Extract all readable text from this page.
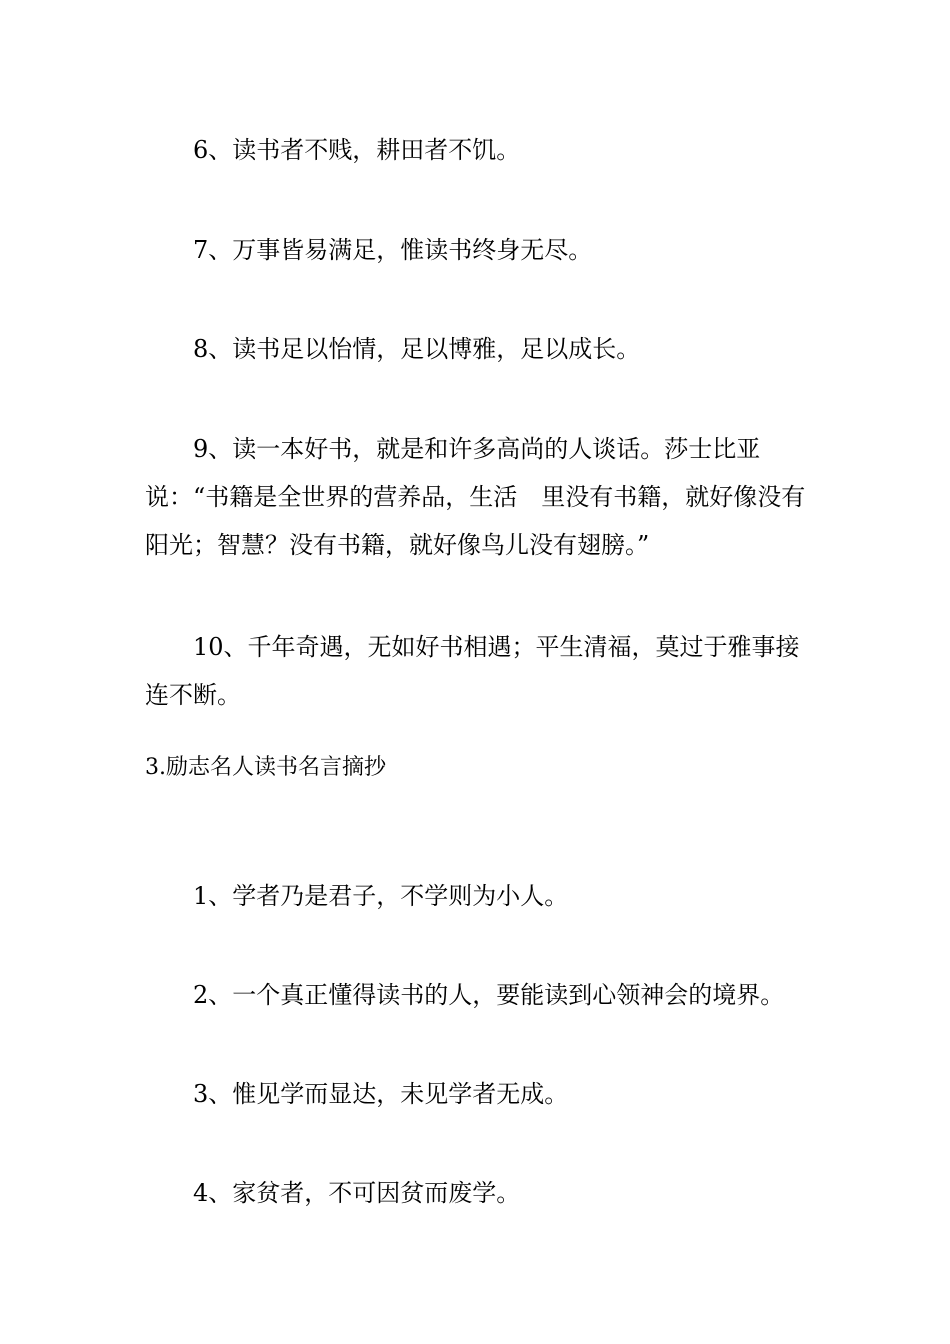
6、读书者不贱，耕田者不饥。

7、万事皆易满足，惟读书终身无尽。

8、读书足以怡情，足以博雅，足以成长。

9、读一本好书，就是和许多高尚的人谈话。莎士比亚说：“书籍是全世界的营养品，生活　里没有书籍，就好像没有阳光；智慧？没有书籍，就好像鸟儿没有翅膀。”

10、千年奇遇，无如好书相遇；平生清福，莫过于雅事接连不断。

3.励志名人读书名言摘抄

1、学者乃是君子，不学则为小人。

2、一个真正懂得读书的人，要能读到心领神会的境界。

3、惟见学而显达，未见学者无成。

4、家贫者，不可因贫而废学。
